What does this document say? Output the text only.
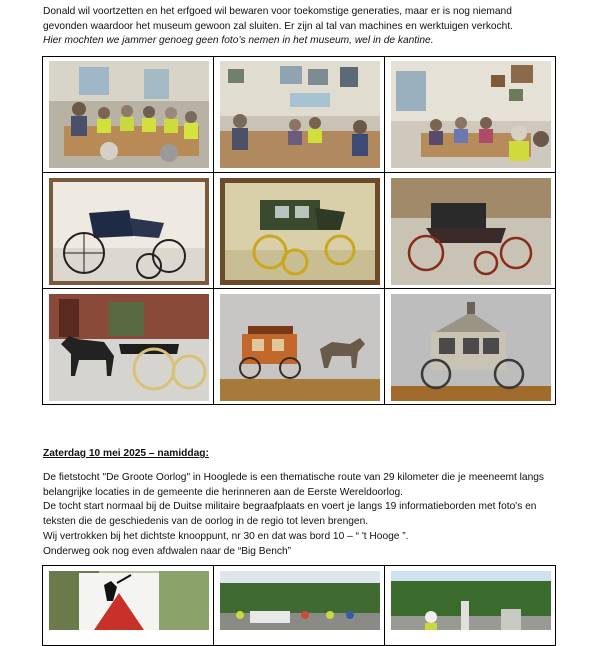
Donald wil voortzetten en het erfgoed wil bewaren voor toekomstige generaties, maar er is nog niemand

gevonden waardoor het museum gewoon zal sluiten. Er zijn al tal van machines en werktuigen verkocht.

Hier mochten we jammer genoeg geen foto’s nemen in het museum, wel in de kantine.

Zaterdag 10 mei 2025 – namiddag:

De fietstocht "De Groote Oorlog" in Hooglede is een thematische route van 29 kilometer die je meeneemt langs

belangrijke locaties in de gemeente die herinneren aan de Eerste Wereldoorlog.

De tocht start normaal bij de Duitse militaire begraafplaats en voert je langs 19 informatieborden met foto's en

teksten die de geschiedenis van de oorlog in de regio tot leven brengen.

Wij vertrokken bij het dichtste knooppunt, nr 30 en dat was bord 10 – “ 't Hooge ”.

Onderweg ook nog even afdwalen naar de “Big Bench”
